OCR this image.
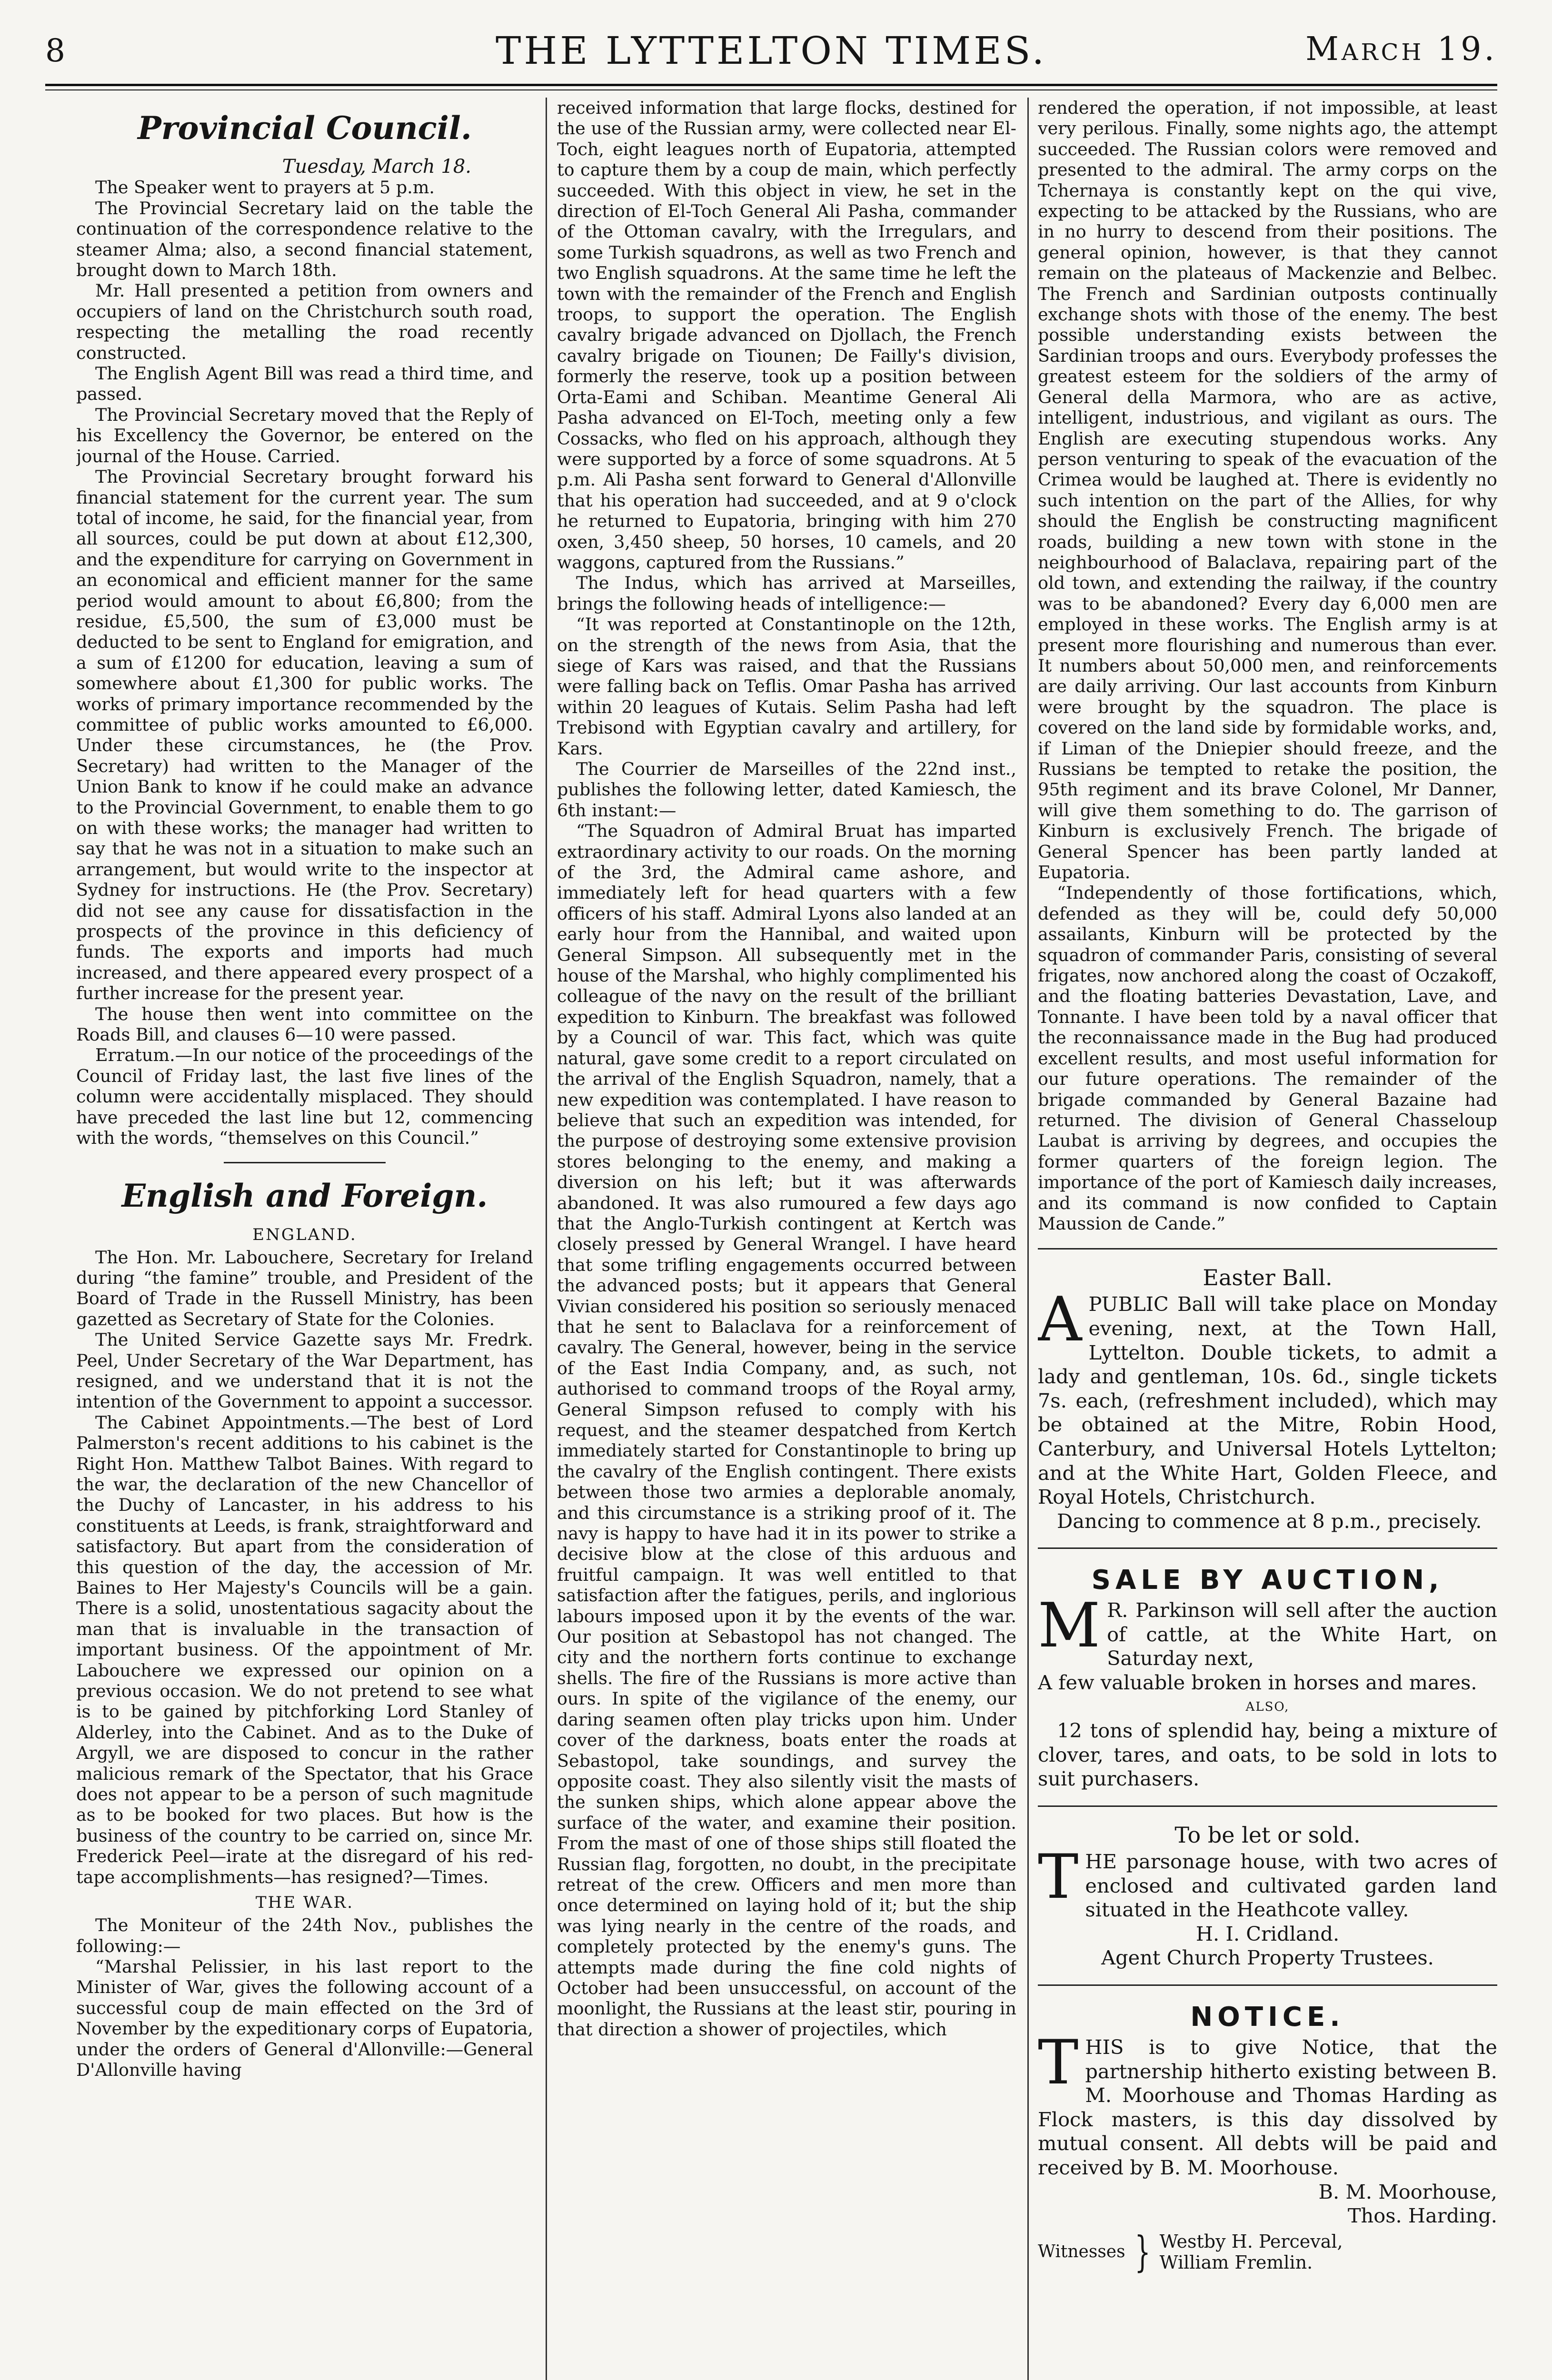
8	THE LYTTELTON TIMES.	March 19.
Provincial Council.

Tuesday, March 18.

The Speaker went to prayers at 5 p.m.

The Provincial Secretary laid on the table the continuation of the correspondence relative to the steamer Alma; also, a second financial statement, brought down to March 18th.

Mr. Hall presented a petition from owners and occupiers of land on the Christchurch south road, respecting the metalling the road recently constructed.

The English Agent Bill was read a third time, and passed.

The Provincial Secretary moved that the Reply of his Excellency the Governor, be entered on the journal of the House. Carried.

The Provincial Secretary brought forward his financial statement for the current year. The sum total of income, he said, for the financial year, from all sources, could be put down at about £12,300, and the expenditure for carrying on Government in an economical and efficient manner for the same period would amount to about £6,800; from the residue, £5,500, the sum of £3,000 must be deducted to be sent to England for emigration, and a sum of £1200 for education, leaving a sum of somewhere about £1,300 for public works. The works of primary importance recommended by the committee of public works amounted to £6,000. Under these circumstances, he (the Prov. Secretary) had written to the Manager of the Union Bank to know if he could make an advance to the Provincial Government, to enable them to go on with these works; the manager had written to say that he was not in a situation to make such an arrangement, but would write to the inspector at Sydney for instructions. He (the Prov. Secretary) did not see any cause for dissatisfaction in the prospects of the province in this deficiency of funds. The exports and imports had much increased, and there appeared every prospect of a further increase for the present year.

The house then went into committee on the Roads Bill, and clauses 6—10 were passed.

Erratum.—In our notice of the proceedings of the Council of Friday last, the last five lines of the column were accidentally misplaced. They should have preceded the last line but 12, commencing with the words, “themselves on this Council.”

English and Foreign.
ENGLAND.

The Hon. Mr. Labouchere, Secretary for Ireland during “the famine” trouble, and President of the Board of Trade in the Russell Ministry, has been gazetted as Secretary of State for the Colonies.

The United Service Gazette says Mr. Fredrk. Peel, Under Secretary of the War Department, has resigned, and we understand that it is not the intention of the Government to appoint a successor.

The Cabinet Appointments.—The best of Lord Palmerston's recent additions to his cabinet is the Right Hon. Matthew Talbot Baines. With regard to the war, the declaration of the new Chancellor of the Duchy of Lancaster, in his address to his constituents at Leeds, is frank, straightforward and satisfactory. But apart from the consideration of this question of the day, the accession of Mr. Baines to Her Majesty's Councils will be a gain. There is a solid, unostentatious sagacity about the man that is invaluable in the transaction of important business. Of the appointment of Mr. Labouchere we expressed our opinion on a previous occasion. We do not pretend to see what is to be gained by pitchforking Lord Stanley of Alderley, into the Cabinet. And as to the Duke of Argyll, we are disposed to concur in the rather malicious remark of the Spectator, that his Grace does not appear to be a person of such magnitude as to be booked for two places. But how is the business of the country to be carried on, since Mr. Frederick Peel—irate at the disregard of his red-tape accomplishments—has resigned?—Times.

THE WAR.

The Moniteur of the 24th Nov., publishes the following:—

“Marshal Pelissier, in his last report to the Minister of War, gives the following account of a successful coup de main effected on the 3rd of November by the expeditionary corps of Eupatoria, under the orders of General d'Allonville:—General D'Allonville having

received information that large flocks, destined for the use of the Russian army, were collected near El-Toch, eight leagues north of Eupatoria, attempted to capture them by a coup de main, which perfectly succeeded. With this object in view, he set in the direction of El-Toch General Ali Pasha, commander of the Ottoman cavalry, with the Irregulars, and some Turkish squadrons, as well as two French and two English squadrons. At the same time he left the town with the remainder of the French and English troops, to support the operation. The English cavalry brigade advanced on Djollach, the French cavalry brigade on Tiounen; De Failly's division, formerly the reserve, took up a position between Orta-Eami and Schiban. Meantime General Ali Pasha advanced on El-Toch, meeting only a few Cossacks, who fled on his approach, although they were supported by a force of some squadrons. At 5 p.m. Ali Pasha sent forward to General d'Allonville that his operation had succeeded, and at 9 o'clock he returned to Eupatoria, bringing with him 270 oxen, 3,450 sheep, 50 horses, 10 camels, and 20 waggons, captured from the Russians.”

The Indus, which has arrived at Marseilles, brings the following heads of intelligence:—

“It was reported at Constantinople on the 12th, on the strength of the news from Asia, that the siege of Kars was raised, and that the Russians were falling back on Teflis. Omar Pasha has arrived within 20 leagues of Kutais. Selim Pasha had left Trebisond with Egyptian cavalry and artillery, for Kars.

The Courrier de Marseilles of the 22nd inst., publishes the following letter, dated Kamiesch, the 6th instant:—

“The Squadron of Admiral Bruat has imparted extraordinary activity to our roads. On the morning of the 3rd, the Admiral came ashore, and immediately left for head quarters with a few officers of his staff. Admiral Lyons also landed at an early hour from the Hannibal, and waited upon General Simpson. All subsequently met in the house of the Marshal, who highly complimented his colleague of the navy on the result of the brilliant expedition to Kinburn. The breakfast was followed by a Council of war. This fact, which was quite natural, gave some credit to a report circulated on the arrival of the English Squadron, namely, that a new expedition was contemplated. I have reason to believe that such an expedition was intended, for the purpose of destroying some extensive provision stores belonging to the enemy, and making a diversion on his left; but it was afterwards abandoned. It was also rumoured a few days ago that the Anglo-Turkish contingent at Kertch was closely pressed by General Wrangel. I have heard that some trifling engagements occurred between the advanced posts; but it appears that General Vivian considered his position so seriously menaced that he sent to Balaclava for a reinforcement of cavalry. The General, however, being in the service of the East India Company, and, as such, not authorised to command troops of the Royal army, General Simpson refused to comply with his request, and the steamer despatched from Kertch immediately started for Constantinople to bring up the cavalry of the English contingent. There exists between those two armies a deplorable anomaly, and this circumstance is a striking proof of it. The navy is happy to have had it in its power to strike a decisive blow at the close of this arduous and fruitful campaign. It was well entitled to that satisfaction after the fatigues, perils, and inglorious labours imposed upon it by the events of the war. Our position at Sebastopol has not changed. The city and the northern forts continue to exchange shells. The fire of the Russians is more active than ours. In spite of the vigilance of the enemy, our daring seamen often play tricks upon him. Under cover of the darkness, boats enter the roads at Sebastopol, take soundings, and survey the opposite coast. They also silently visit the masts of the sunken ships, which alone appear above the surface of the water, and examine their position. From the mast of one of those ships still floated the Russian flag, forgotten, no doubt, in the precipitate retreat of the crew. Officers and men more than once determined on laying hold of it; but the ship was lying nearly in the centre of the roads, and completely protected by the enemy's guns. The attempts made during the fine cold nights of October had been unsuccessful, on account of the moonlight, the Russians at the least stir, pouring in that direction a shower of projectiles, which

rendered the operation, if not impossible, at least very perilous. Finally, some nights ago, the attempt succeeded. The Russian colors were removed and presented to the admiral. The army corps on the Tchernaya is constantly kept on the qui vive, expecting to be attacked by the Russians, who are in no hurry to descend from their positions. The general opinion, however, is that they cannot remain on the plateaus of Mackenzie and Belbec. The French and Sardinian outposts continually exchange shots with those of the enemy. The best possible understanding exists between the Sardinian troops and ours. Everybody professes the greatest esteem for the soldiers of the army of General della Marmora, who are as active, intelligent, industrious, and vigilant as ours. The English are executing stupendous works. Any person venturing to speak of the evacuation of the Crimea would be laughed at. There is evidently no such intention on the part of the Allies, for why should the English be constructing magnificent roads, building a new town with stone in the neighbourhood of Balaclava, repairing part of the old town, and extending the railway, if the country was to be abandoned? Every day 6,000 men are employed in these works. The English army is at present more flourishing and numerous than ever. It numbers about 50,000 men, and reinforcements are daily arriving. Our last accounts from Kinburn were brought by the squadron. The place is covered on the land side by formidable works, and, if Liman of the Dniepier should freeze, and the Russians be tempted to retake the position, the 95th regiment and its brave Colonel, Mr Danner, will give them something to do. The garrison of Kinburn is exclusively French. The brigade of General Spencer has been partly landed at Eupatoria.

“Independently of those fortifications, which, defended as they will be, could defy 50,000 assailants, Kinburn will be protected by the squadron of commander Paris, consisting of several frigates, now anchored along the coast of Oczakoff, and the floating batteries Devastation, Lave, and Tonnante. I have been told by a naval officer that the reconnaissance made in the Bug had produced excellent results, and most useful information for our future operations. The remainder of the brigade commanded by General Bazaine had returned. The division of General Chasseloup Laubat is arriving by degrees, and occupies the former quarters of the foreign legion. The importance of the port of Kamiesch daily increases, and its command is now confided to Captain Maussion de Cande.”

Easter Ball.
A PUBLIC Ball will take place on Monday evening, next, at the Town Hall, Lyttelton. Double tickets, to admit a lady and gentleman, 10s. 6d., single tickets 7s. each, (refreshment included), which may be obtained at the Mitre, Robin Hood, Canterbury, and Universal Hotels Lyttelton; and at the White Hart, Golden Fleece, and Royal Hotels, Christchurch.

Dancing to commence at 8 p.m., precisely.

SALE BY AUCTION,
M R. Parkinson will sell after the auction of cattle, at the White Hart, on Saturday next,

A few valuable broken in horses and mares.

ALSO,

12 tons of splendid hay, being a mixture of clover, tares, and oats, to be sold in lots to suit purchasers.

To be let or sold.
T HE parsonage house, with two acres of enclosed and cultivated garden land situated in the Heathcote valley.

H. I. Cridland.

Agent Church Property Trustees.

NOTICE.
T HIS is to give Notice, that the partnership hitherto existing between B. M. Moorhouse and Thomas Harding as Flock masters, is this day dissolved by mutual consent. All debts will be paid and received by B. M. Moorhouse.

B. M. Moorhouse,

Thos. Harding.

Witnesses } Westby H. Perceval,

William Fremlin.
